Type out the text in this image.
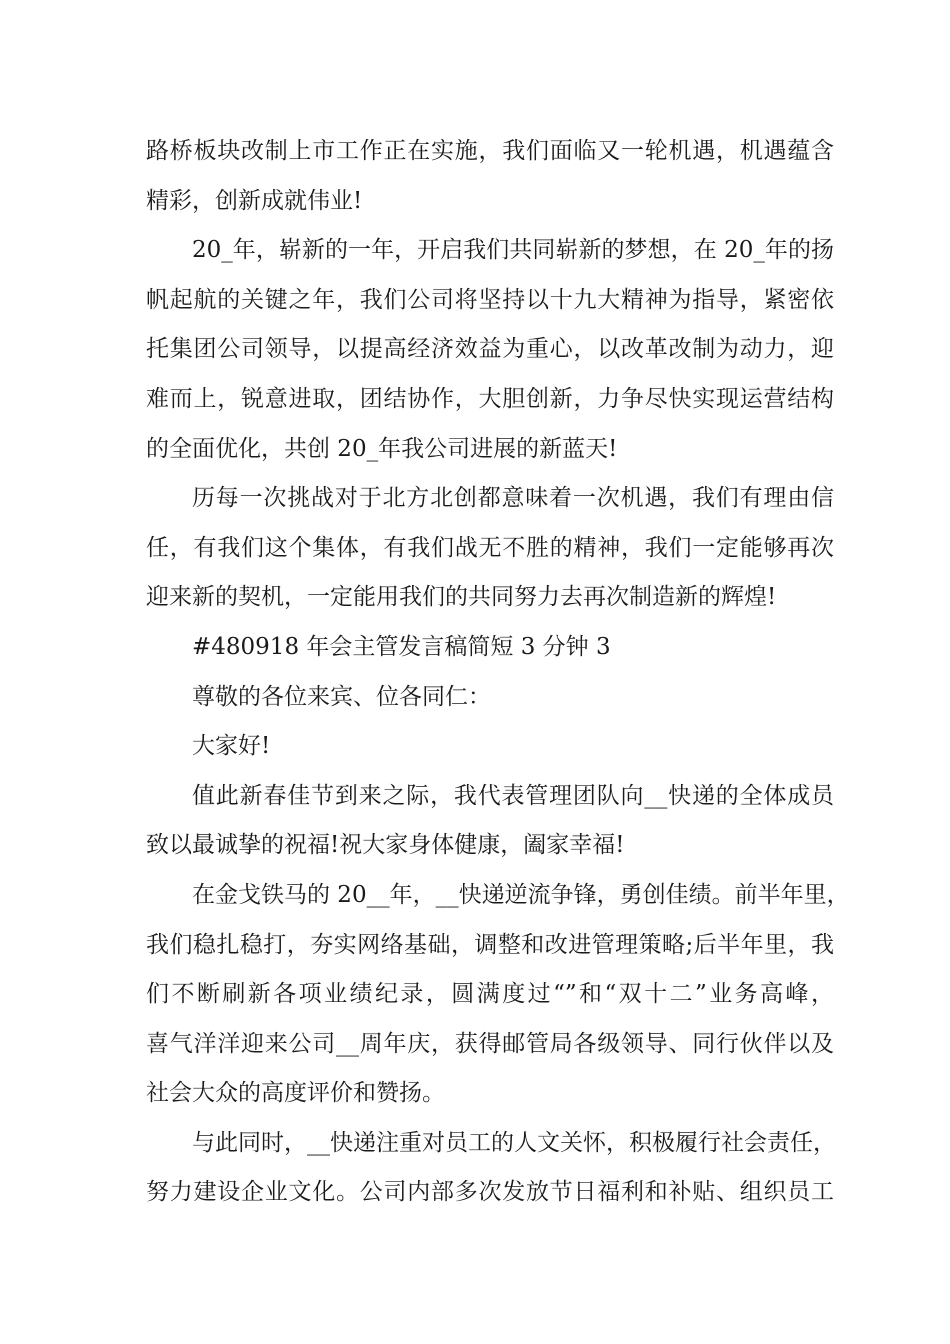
路桥板块改制上市工作正在实施，我们面临又一轮机遇，机遇蕴含
精彩，创新成就伟业!
20_年，崭新的一年，开启我们共同崭新的梦想，在 20_年的扬
帆起航的关键之年，我们公司将坚持以十九大精神为指导，紧密依
托集团公司领导，以提高经济效益为重心，以改革改制为动力，迎
难而上，锐意进取，团结协作，大胆创新，力争尽快实现运营结构
的全面优化，共创 20_年我公司进展的新蓝天!
历每一次挑战对于北方北创都意味着一次机遇，我们有理由信
任，有我们这个集体，有我们战无不胜的精神，我们一定能够再次
迎来新的契机，一定能用我们的共同努力去再次制造新的辉煌!
#480918 年会主管发言稿简短 3 分钟 3
尊敬的各位来宾、位各同仁：
大家好!
值此新春佳节到来之际，我代表管理团队向__快递的全体成员
致以最诚挚的祝福!祝大家身体健康，阖家幸福!
在金戈铁马的 20__年，__快递逆流争锋，勇创佳绩。前半年里，
我们稳扎稳打，夯实网络基础，调整和改进管理策略;后半年里，我
们不断刷新各项业绩纪录，圆满度过“”和“双十二”业务高峰，
喜气洋洋迎来公司__周年庆，获得邮管局各级领导、同行伙伴以及
社会大众的高度评价和赞扬。
与此同时，__快递注重对员工的人文关怀，积极履行社会责任，
努力建设企业文化。公司内部多次发放节日福利和补贴、组织员工
